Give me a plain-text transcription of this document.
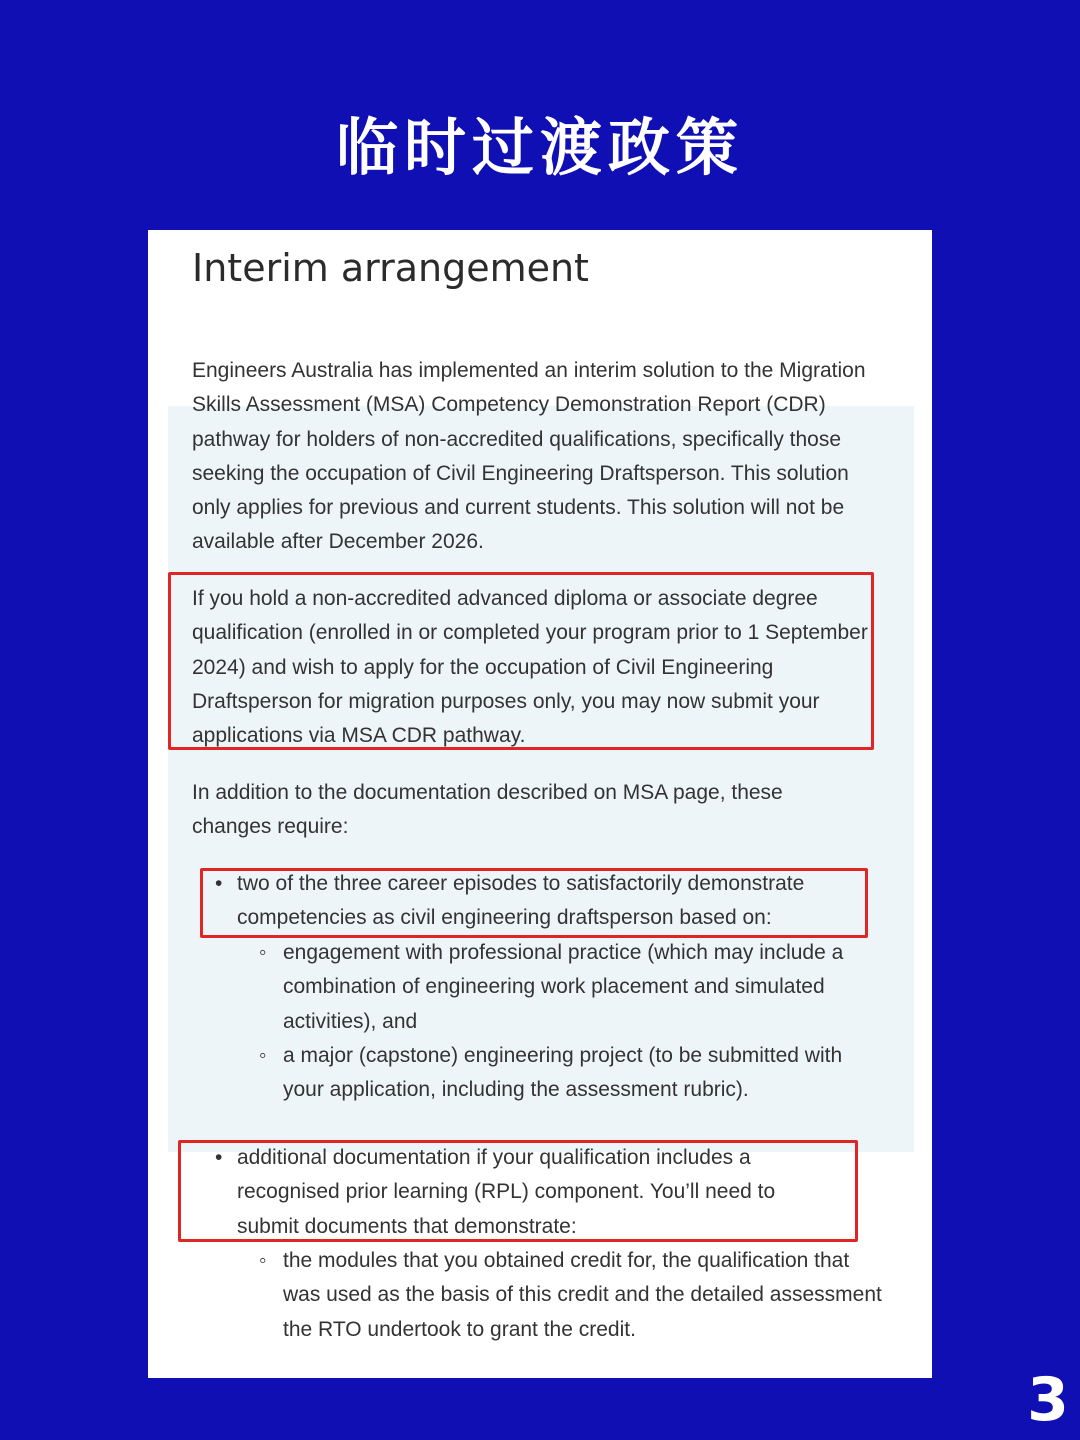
临时过渡政策
Interim arrangement

Engineers Australia has implemented an interim solution to the Migration Skills Assessment (MSA) Competency Demonstration Report (CDR) pathway for holders of non-accredited qualifications, specifically those seeking the occupation of Civil Engineering Draftsperson. This solution only applies for previous and current students. This solution will not be available after December 2026.

If you hold a non-accredited advanced diploma or associate degree qualification (enrolled in or completed your program prior to 1 September 2024) and wish to apply for the occupation of Civil Engineering Draftsperson for migration purposes only, you may now submit your applications via MSA CDR pathway.

In addition to the documentation described on MSA page, these changes require:

• two of the three career episodes to satisfactorily demonstrate competencies as civil engineering draftsperson based on:

◦ engagement with professional practice (which may include a combination of engineering work placement and simulated activities), and

◦ a major (capstone) engineering project (to be submitted with your application, including the assessment rubric).

• additional documentation if your qualification includes a recognised prior learning (RPL) component. You’ll need to submit documents that demonstrate:

◦ the modules that you obtained credit for, the qualification that was used as the basis of this credit and the detailed assessment the RTO undertook to grant the credit.

3
